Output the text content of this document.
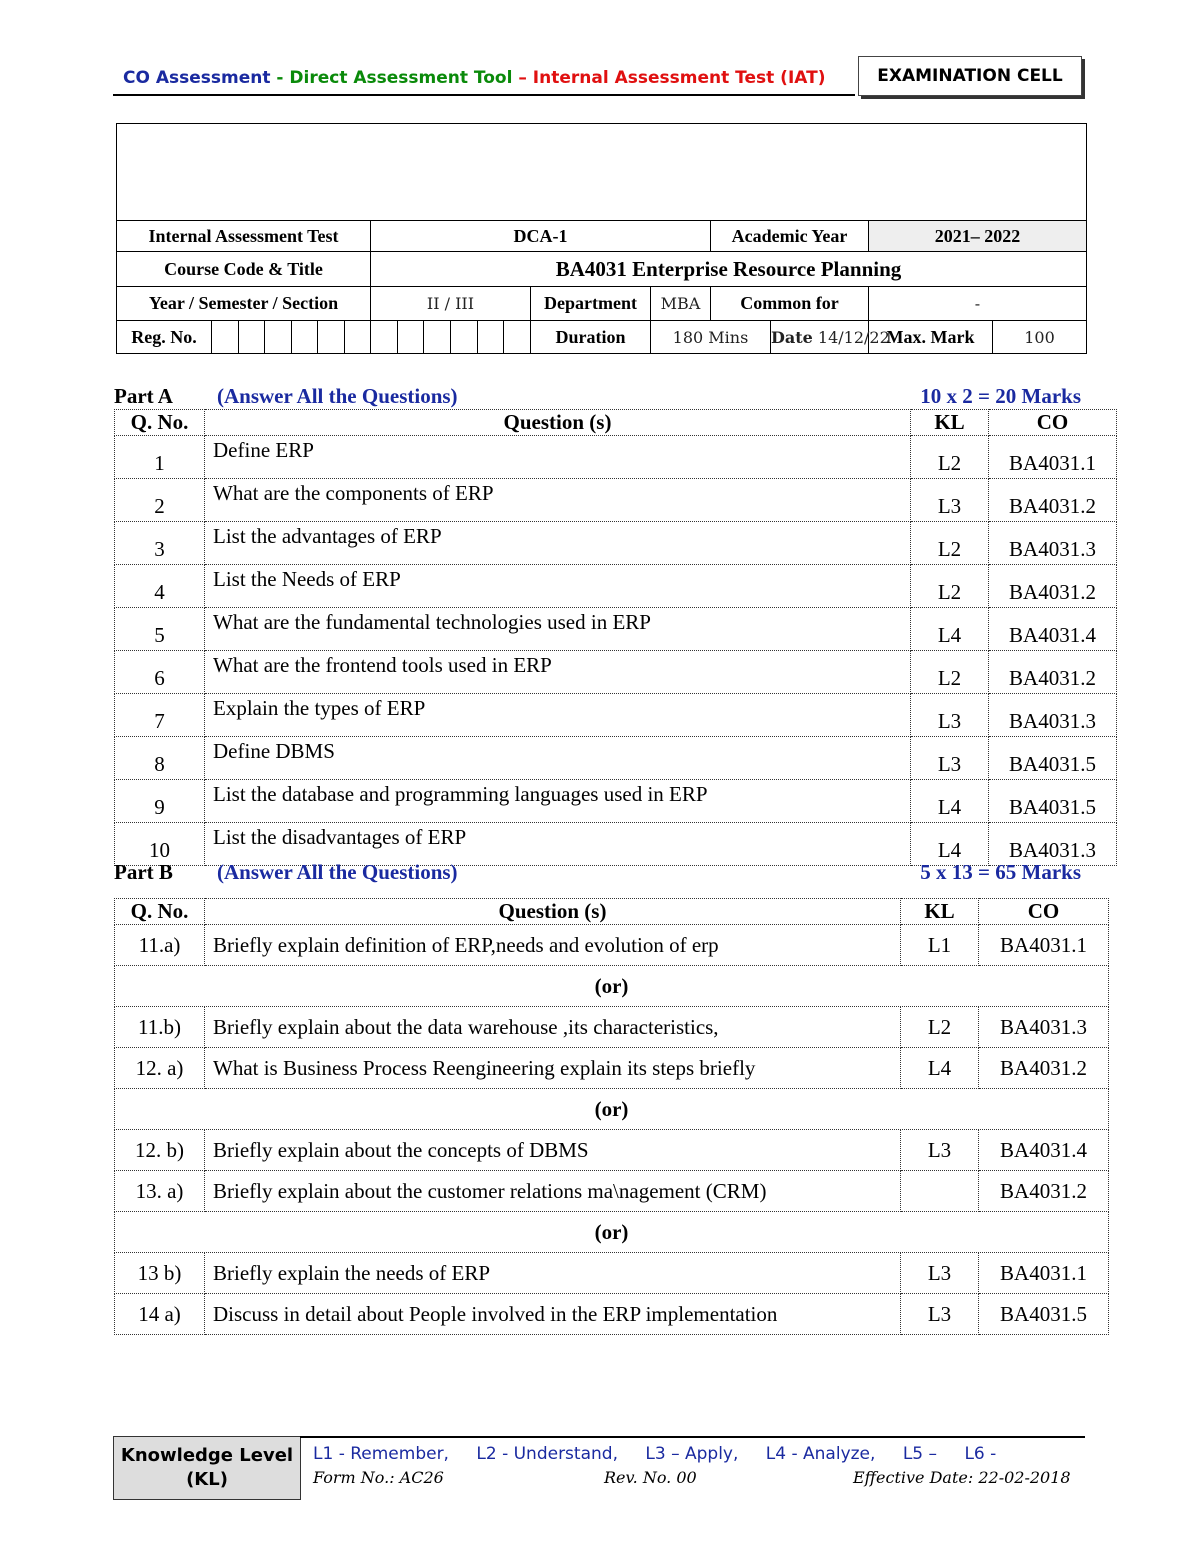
CO Assessment - Direct Assessment Tool – Internal Assessment Test (IAT)	EXAMINATION CELL

Internal Assessment Test	DCA-1			Academic Year		2021– 2022	
Course Code & Title	BA4031 Enterprise Resource Planning						
Year / Semester / Section	II / III	Department	MBA	Common for		-	

Reg. No.		Duration	180 Mins		Date 14/12/22	Max. Mark	100
Part A (Answer All the Questions)	10 x 2 = 20 Marks
Q. No.	Question (s)	KL	CO
1	Define ERP	L2	BA4031.1
2	What are the components of ERP	L3	BA4031.2
3	List the advantages of ERP	L2	BA4031.3
4	List the Needs of ERP	L2	BA4031.2
5	What are the fundamental technologies used in ERP	L4	BA4031.4
6	What are the frontend tools used in ERP	L2	BA4031.2
7	Explain the types of ERP	L3	BA4031.3
8	Define DBMS	L3	BA4031.5
9	List the database and programming languages used in ERP	L4	BA4031.5
10	List the disadvantages of ERP	L4	BA4031.3
Part B (Answer All the Questions)	5 x 13 = 65 Marks
Q. No.	Question (s)	KL	CO
11.a)	Briefly explain definition of ERP,needs and evolution of erp	L1	BA4031.1
(or)			
11.b)	Briefly explain about the data warehouse ,its characteristics,	L2	BA4031.3
12. a)	What is Business Process Reengineering explain its steps briefly	L4	BA4031.2
(or)			
12. b)	Briefly explain about the concepts of DBMS	L3	BA4031.4
13. a)	Briefly explain about the customer relations ma\nagement (CRM)		BA4031.2
(or)			
13 b)	Briefly explain the needs of ERP	L3	BA4031.1
14 a)	Discuss in detail about People involved in the ERP implementation	L3	BA4031.5
Knowledge Level
(KL)
L1 - Remember, L2 - Understand, L3 – Apply, L4 - Analyze, L5 – L6 -
Form No.: AC26	Rev. No. 00	Effective Date: 22-02-2018
